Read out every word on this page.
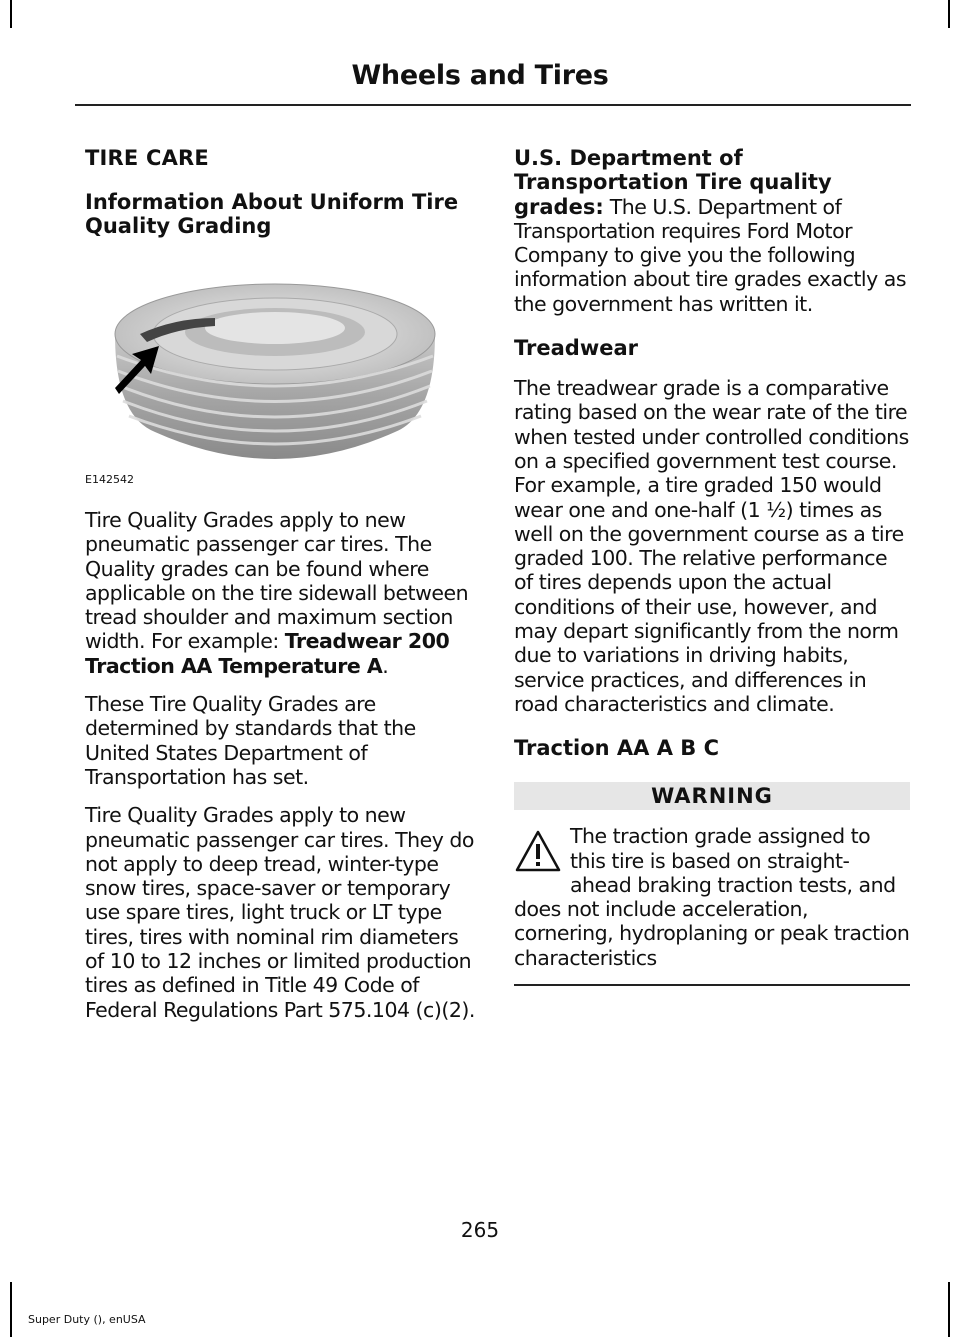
Wheels and Tires
TIRE CARE
Information About Uniform Tire Quality Grading
E142542

Tire Quality Grades apply to new pneumatic passenger car tires. The Quality grades can be found where applicable on the tire sidewall between tread shoulder and maximum section width. For example: Treadwear 200 Traction AA Temperature A.

These Tire Quality Grades are determined by standards that the United States Department of Transportation has set.

Tire Quality Grades apply to new pneumatic passenger car tires. They do not apply to deep tread, winter-type snow tires, space-saver or temporary use spare tires, light truck or LT type tires, tires with nominal rim diameters of 10 to 12 inches or limited production tires as defined in Title 49 Code of Federal Regulations Part 575.104 (c)(2).

U.S. Department of Transportation Tire quality grades: The U.S. Department of Transportation requires Ford Motor Company to give you the following information about tire grades exactly as the government has written it.

Treadwear

The treadwear grade is a comparative rating based on the wear rate of the tire when tested under controlled conditions on a specified government test course. For example, a tire graded 150 would wear one and one-half (1 ½) times as well on the government course as a tire graded 100. The relative performance of tires depends upon the actual conditions of their use, however, and may depart significantly from the norm due to variations in driving habits, service practices, and differences in road characteristics and climate.

Traction AA A B C
WARNING
The traction grade assigned to this tire is based on straight-ahead braking traction tests, and does not include acceleration, cornering, hydroplaning or peak traction characteristics
265
Super Duty (), enUSA
